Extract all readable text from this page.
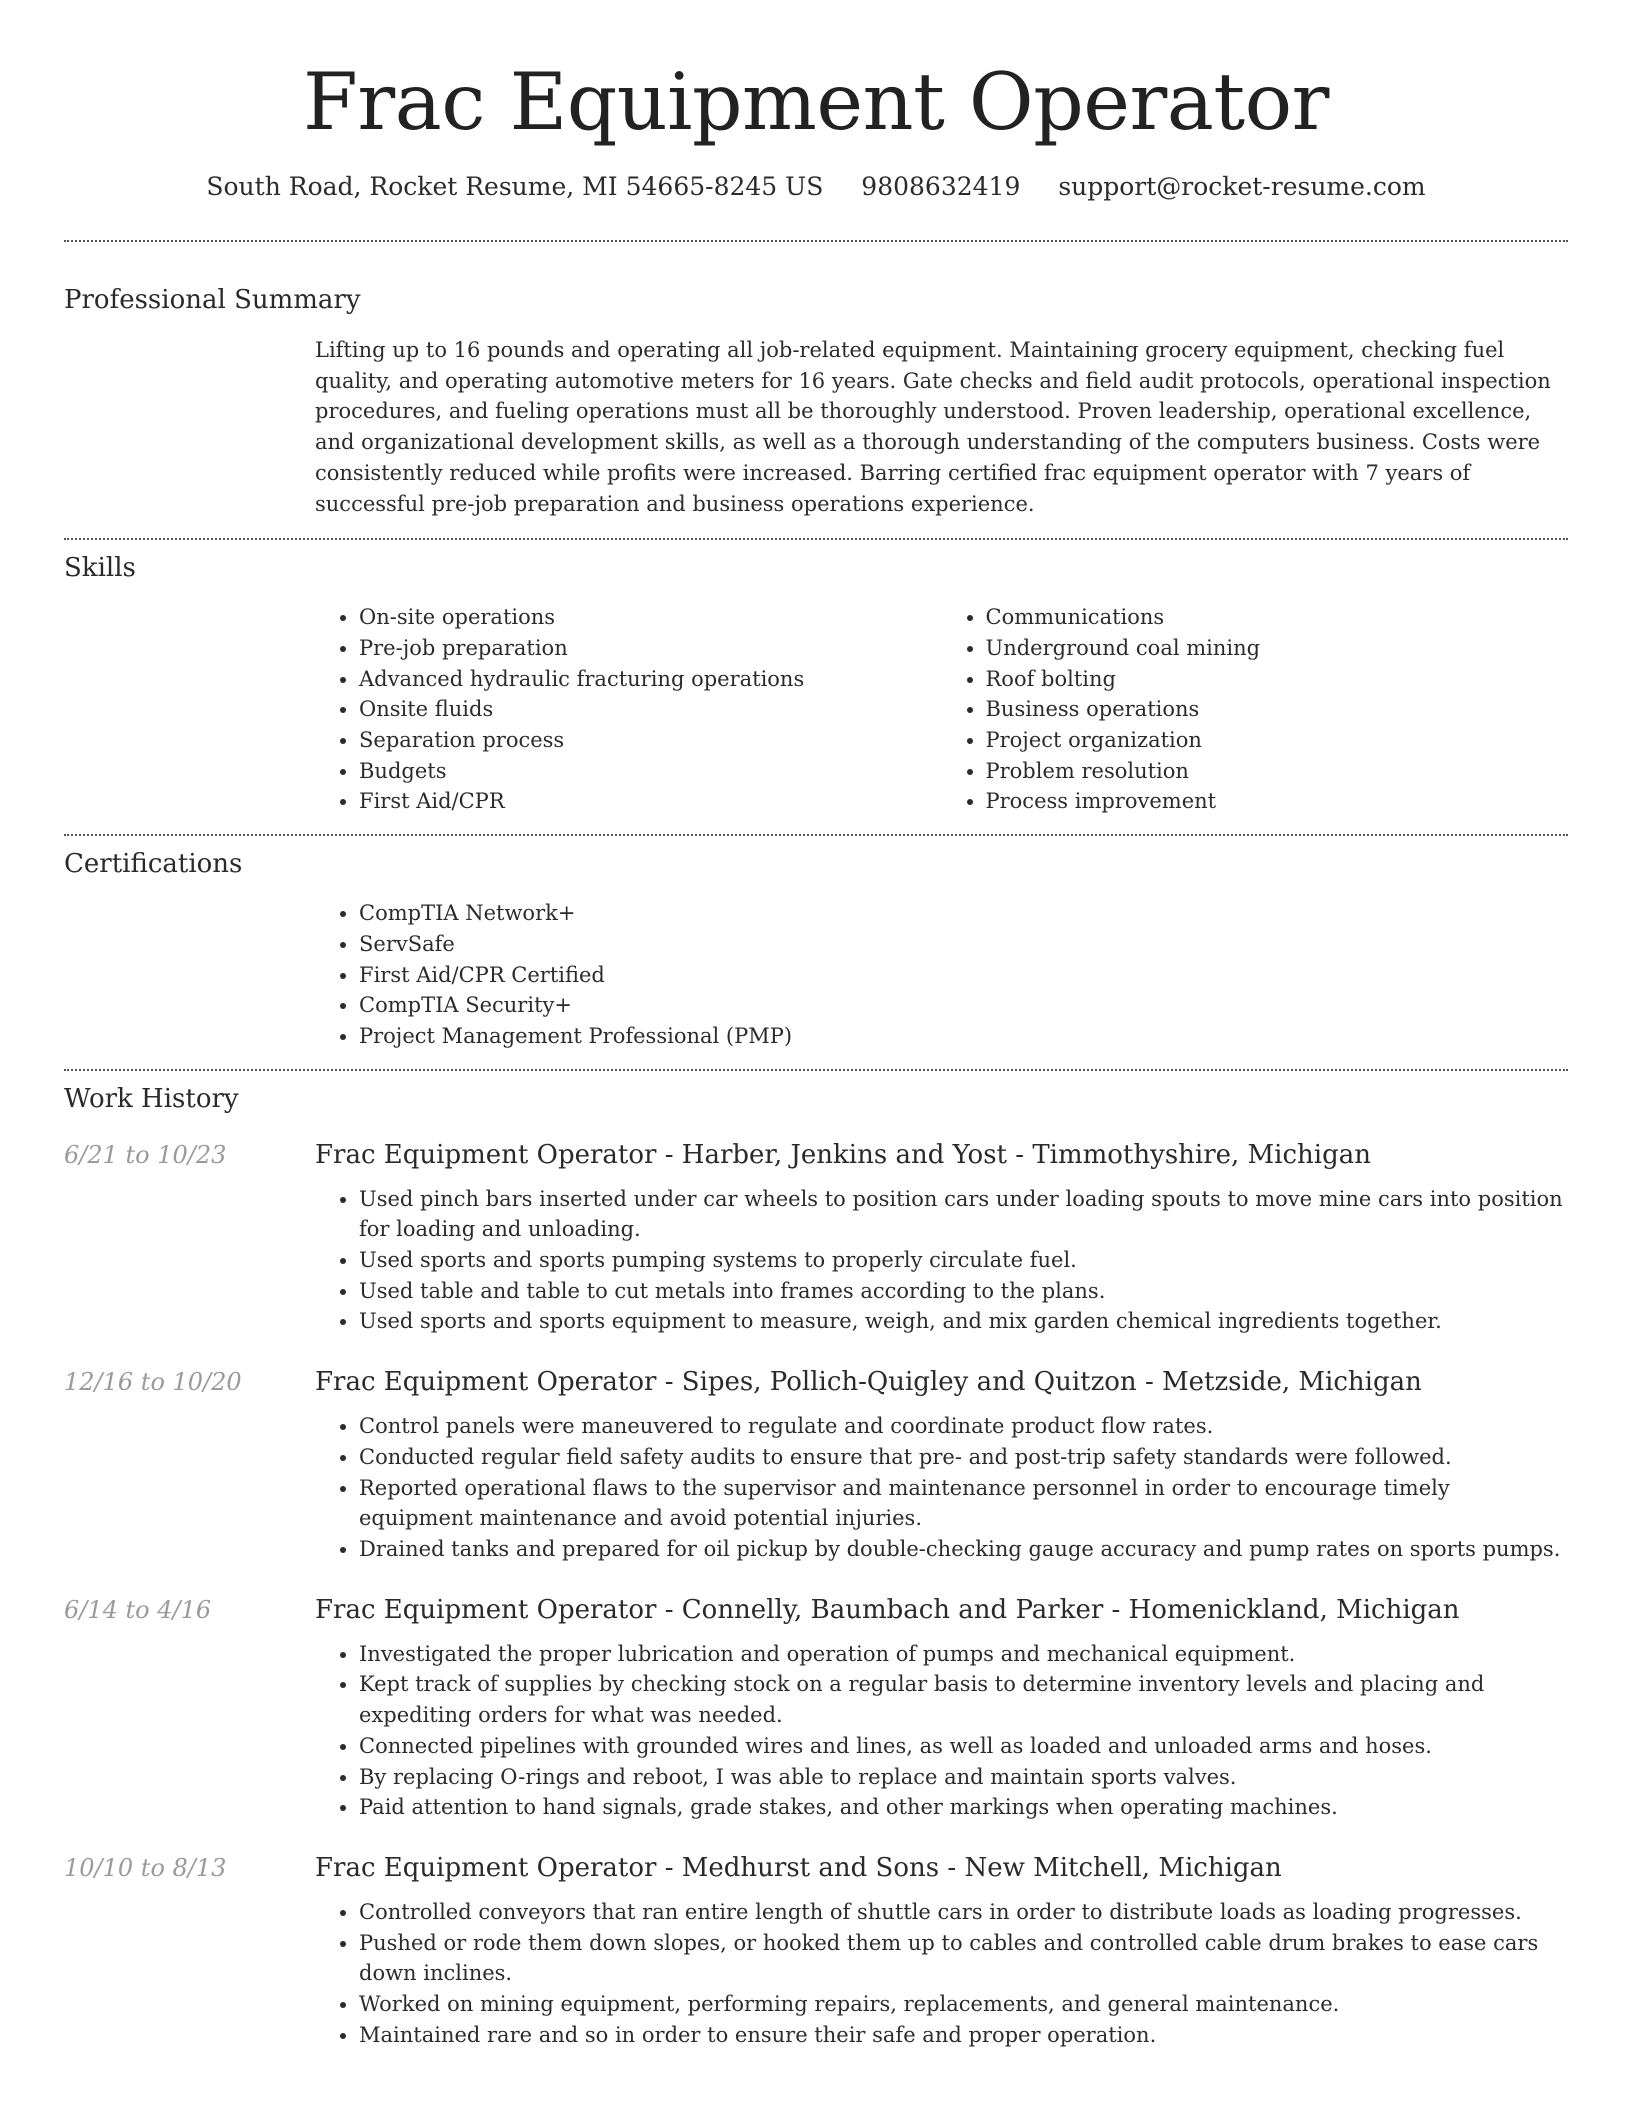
Frac Equipment Operator
South Road, Rocket Resume, MI 54665-8245 US 9808632419 support@rocket-resume.com
Professional Summary
Lifting up to 16 pounds and operating all job-related equipment. Maintaining grocery equipment, checking fuel quality, and operating automotive meters for 16 years. Gate checks and field audit protocols, operational inspection procedures, and fueling operations must all be thoroughly understood. Proven leadership, operational excellence, and organizational development skills, as well as a thorough understanding of the computers business. Costs were consistently reduced while profits were increased. Barring certified frac equipment operator with 7 years of successful pre-job preparation and business operations experience.
Skills
• On-site operations
• Pre-job preparation
• Advanced hydraulic fracturing operations
• Onsite fluids
• Separation process
• Budgets
• First Aid/CPR
• Communications
• Underground coal mining
• Roof bolting
• Business operations
• Project organization
• Problem resolution
• Process improvement
Certifications
• CompTIA Network+
• ServSafe
• First Aid/CPR Certified
• CompTIA Security+
• Project Management Professional (PMP)
Work History
6/21 to 10/23	Frac Equipment Operator - Harber, Jenkins and Yost - Timmothyshire, Michigan
• Used pinch bars inserted under car wheels to position cars under loading spouts to move mine cars into position for loading and unloading.
• Used sports and sports pumping systems to properly circulate fuel.
• Used table and table to cut metals into frames according to the plans.
• Used sports and sports equipment to measure, weigh, and mix garden chemical ingredients together.
12/16 to 10/20	Frac Equipment Operator - Sipes, Pollich-Quigley and Quitzon - Metzside, Michigan
• Control panels were maneuvered to regulate and coordinate product flow rates.
• Conducted regular field safety audits to ensure that pre- and post-trip safety standards were followed.
• Reported operational flaws to the supervisor and maintenance personnel in order to encourage timely equipment maintenance and avoid potential injuries.
• Drained tanks and prepared for oil pickup by double-checking gauge accuracy and pump rates on sports pumps.
6/14 to 4/16	Frac Equipment Operator - Connelly, Baumbach and Parker - Homenickland, Michigan
• Investigated the proper lubrication and operation of pumps and mechanical equipment.
• Kept track of supplies by checking stock on a regular basis to determine inventory levels and placing and expediting orders for what was needed.
• Connected pipelines with grounded wires and lines, as well as loaded and unloaded arms and hoses.
• By replacing O-rings and reboot, I was able to replace and maintain sports valves.
• Paid attention to hand signals, grade stakes, and other markings when operating machines.
10/10 to 8/13	Frac Equipment Operator - Medhurst and Sons - New Mitchell, Michigan
• Controlled conveyors that ran entire length of shuttle cars in order to distribute loads as loading progresses.
• Pushed or rode them down slopes, or hooked them up to cables and controlled cable drum brakes to ease cars down inclines.
• Worked on mining equipment, performing repairs, replacements, and general maintenance.
• Maintained rare and so in order to ensure their safe and proper operation.
